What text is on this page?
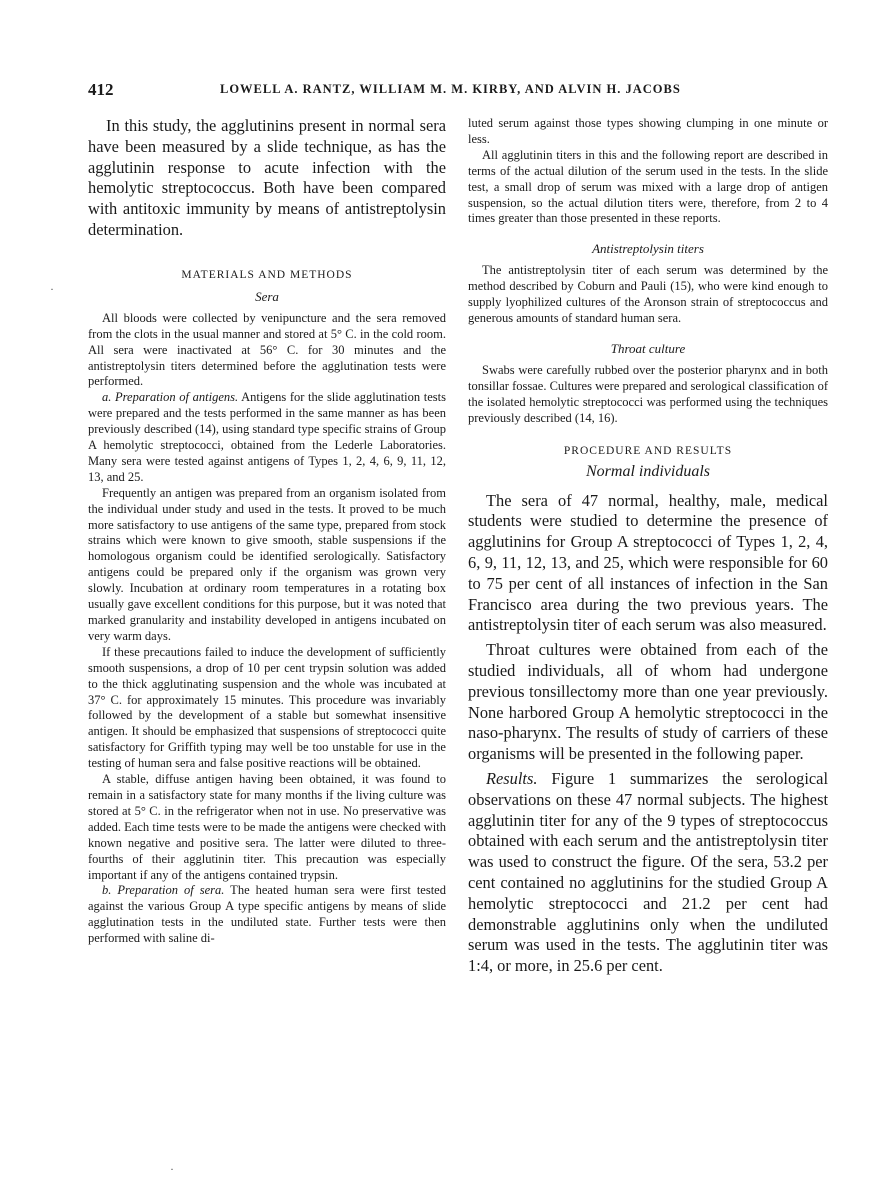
412	LOWELL A. RANTZ, WILLIAM M. M. KIRBY, AND ALVIN H. JACOBS

In this study, the agglutinins present in normal sera have been measured by a slide technique, as has the agglutinin response to acute infection with the hemolytic streptococcus. Both have been compared with antitoxic immunity by means of antistreptolysin determination.

MATERIALS AND METHODS

Sera

All bloods were collected by venipuncture and the sera removed from the clots in the usual manner and stored at 5° C. in the cold room. All sera were inactivated at 56° C. for 30 minutes and the antistreptolysin titers determined before the agglutination tests were performed.

a. Preparation of antigens. Antigens for the slide agglutination tests were prepared and the tests performed in the same manner as has been previously described (14), using standard type specific strains of Group A hemolytic streptococci, obtained from the Lederle Laboratories. Many sera were tested against antigens of Types 1, 2, 4, 6, 9, 11, 12, 13, and 25.

Frequently an antigen was prepared from an organism isolated from the individual under study and used in the tests. It proved to be much more satisfactory to use antigens of the same type, prepared from stock strains which were known to give smooth, stable suspensions if the homologous organism could be identified serologically. Satisfactory antigens could be prepared only if the organism was grown very slowly. Incubation at ordinary room temperatures in a rotating box usually gave excellent conditions for this purpose, but it was noted that marked granularity and instability developed in antigens incubated on very warm days.

If these precautions failed to induce the development of sufficiently smooth suspensions, a drop of 10 per cent trypsin solution was added to the thick agglutinating suspension and the whole was incubated at 37° C. for approximately 15 minutes. This procedure was invariably followed by the development of a stable but somewhat insensitive antigen. It should be emphasized that suspensions of streptococci quite satisfactory for Griffith typing may well be too unstable for use in the testing of human sera and false positive reactions will be obtained.

A stable, diffuse antigen having been obtained, it was found to remain in a satisfactory state for many months if the living culture was stored at 5° C. in the refrigerator when not in use. No preservative was added. Each time tests were to be made the antigens were checked with known negative and positive sera. The latter were diluted to three-fourths of their agglutinin titer. This precaution was especially important if any of the antigens contained trypsin.

b. Preparation of sera. The heated human sera were first tested against the various Group A type specific antigens by means of slide agglutination tests in the undiluted state. Further tests were then performed with saline di-

luted serum against those types showing clumping in one minute or less.

All agglutinin titers in this and the following report are described in terms of the actual dilution of the serum used in the tests. In the slide test, a small drop of serum was mixed with a large drop of antigen suspension, so the actual dilution titers were, therefore, from 2 to 4 times greater than those presented in these reports.

Antistreptolysin titers

The antistreptolysin titer of each serum was determined by the method described by Coburn and Pauli (15), who were kind enough to supply lyophilized cultures of the Aronson strain of streptococcus and generous amounts of standard human sera.

Throat culture

Swabs were carefully rubbed over the posterior pharynx and in both tonsillar fossae. Cultures were prepared and serological classification of the isolated hemolytic streptococci was performed using the techniques previously described (14, 16).

PROCEDURE AND RESULTS

Normal individuals

The sera of 47 normal, healthy, male, medical students were studied to determine the presence of agglutinins for Group A streptococci of Types 1, 2, 4, 6, 9, 11, 12, 13, and 25, which were responsible for 60 to 75 per cent of all instances of infection in the San Francisco area during the two previous years. The antistreptolysin titer of each serum was also measured.

Throat cultures were obtained from each of the studied individuals, all of whom had undergone previous tonsillectomy more than one year previously. None harbored Group A hemolytic streptococci in the naso-pharynx. The results of study of carriers of these organisms will be presented in the following paper.

Results. Figure 1 summarizes the serological observations on these 47 normal subjects. The highest agglutinin titer for any of the 9 types of streptococcus obtained with each serum and the antistreptolysin titer was used to construct the figure. Of the sera, 53.2 per cent contained no agglutinins for the studied Group A hemolytic streptococci and 21.2 per cent had demonstrable agglutinins only when the undiluted serum was used in the tests. The agglutinin titer was 1:4, or more, in 25.6 per cent.

·
·
